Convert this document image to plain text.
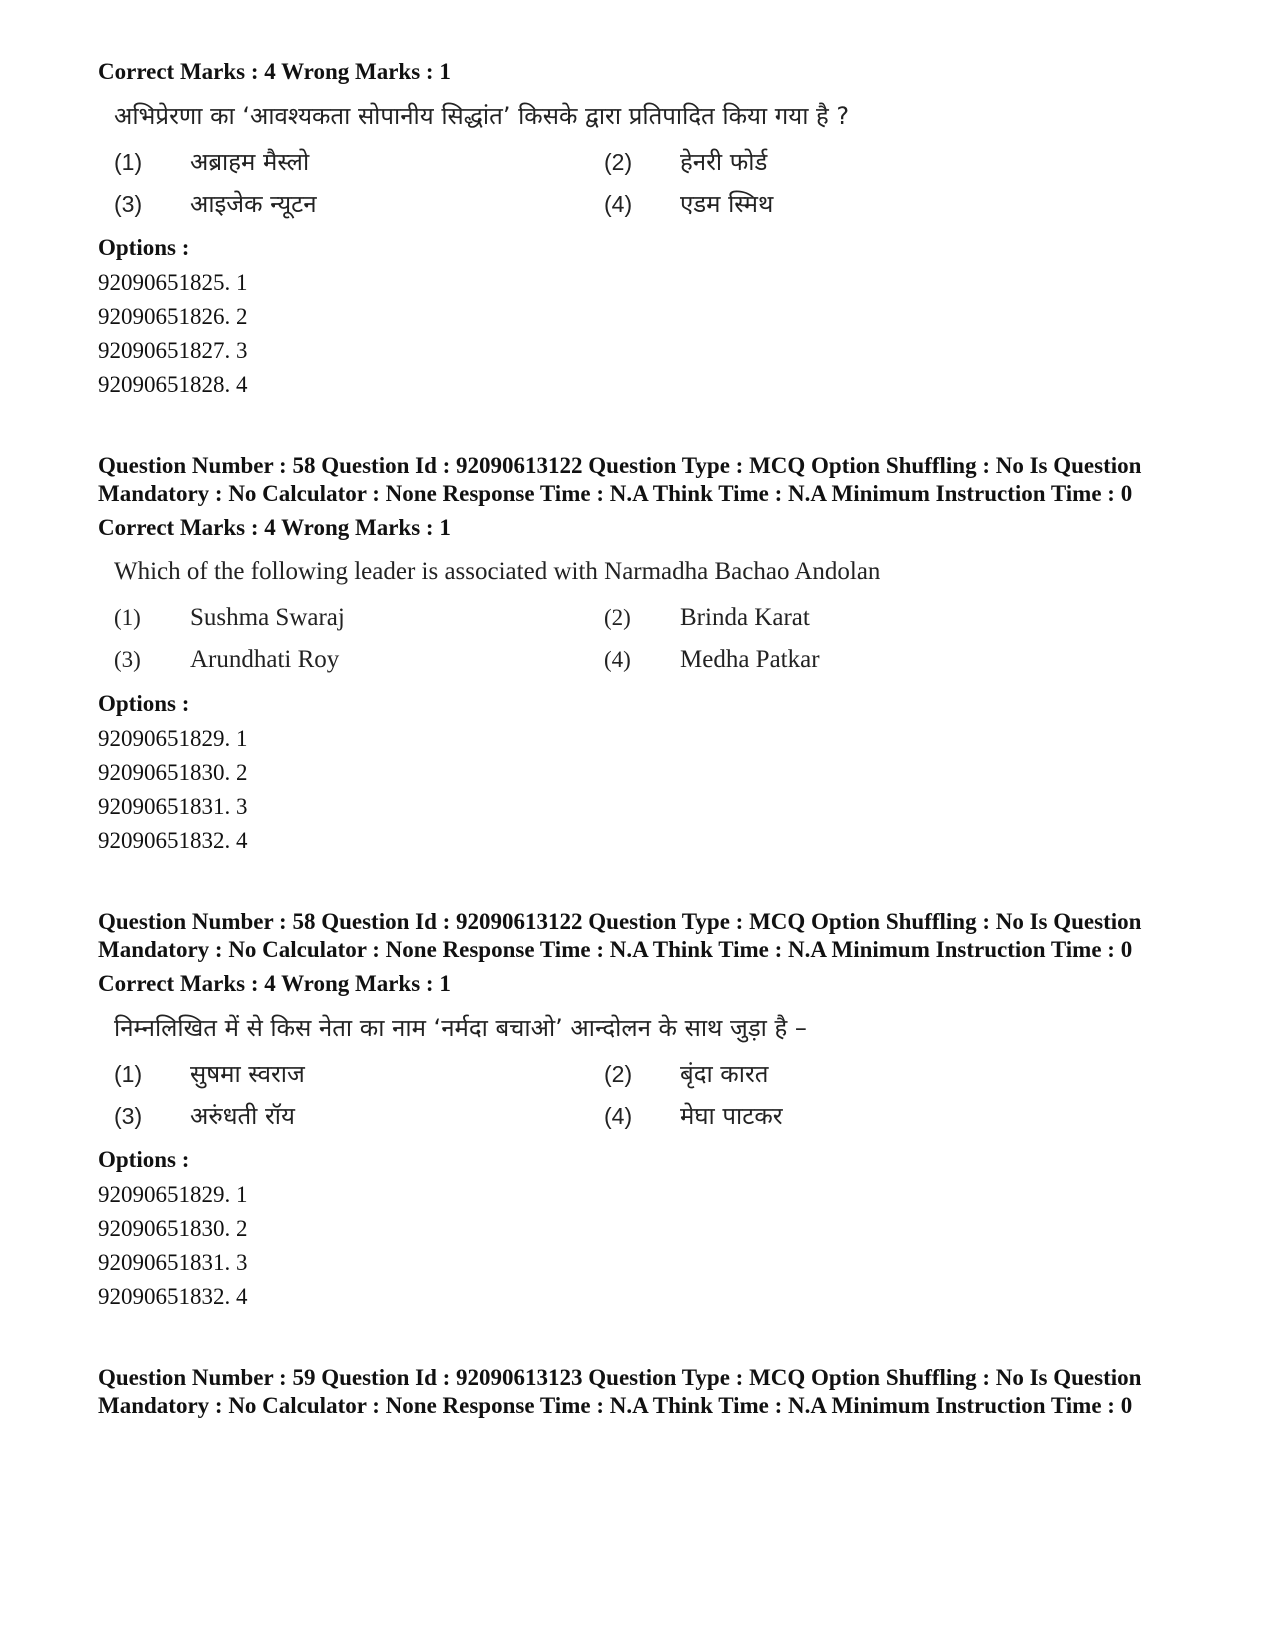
Correct Marks : 4 Wrong Marks : 1

अभिप्रेरणा का ‘आवश्यकता सोपानीय सिद्धांत’ किसके द्वारा प्रतिपादित किया गया है ?

(1)	अब्राहम मैस्लो	(2)	हेनरी फोर्ड
(3)	आइजेक न्यूटन	(4)	एडम स्मिथ

Options :

92090651825. 1

92090651826. 2

92090651827. 3

92090651828. 4

Question Number : 58 Question Id : 92090613122 Question Type : MCQ Option Shuffling : No Is Question Mandatory : No Calculator : None Response Time : N.A Think Time : N.A Minimum Instruction Time : 0

Correct Marks : 4 Wrong Marks : 1

Which of the following leader is associated with Narmadha Bachao Andolan

(1)	Sushma Swaraj	(2)	Brinda Karat
(3)	Arundhati Roy	(4)	Medha Patkar

Options :

92090651829. 1

92090651830. 2

92090651831. 3

92090651832. 4

Question Number : 58 Question Id : 92090613122 Question Type : MCQ Option Shuffling : No Is Question Mandatory : No Calculator : None Response Time : N.A Think Time : N.A Minimum Instruction Time : 0

Correct Marks : 4 Wrong Marks : 1

निम्नलिखित में से किस नेता का नाम ‘नर्मदा बचाओ’ आन्दोलन के साथ जुड़ा है –

(1)	सुषमा स्वराज	(2)	बृंदा कारत
(3)	अरुंधती रॉय	(4)	मेघा पाटकर

Options :

92090651829. 1

92090651830. 2

92090651831. 3

92090651832. 4

Question Number : 59 Question Id : 92090613123 Question Type : MCQ Option Shuffling : No Is Question Mandatory : No Calculator : None Response Time : N.A Think Time : N.A Minimum Instruction Time : 0
